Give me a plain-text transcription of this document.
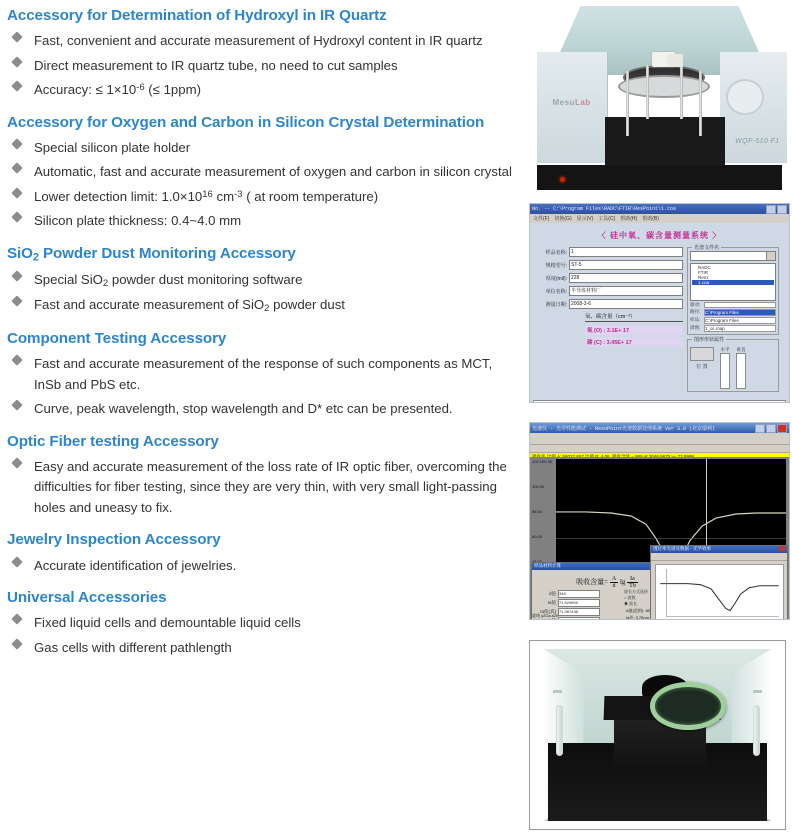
Accessory for Determination of Hydroxyl in IR Quartz
Fast, convenient and accurate measurement of Hydroxyl content in IR quartz
Direct measurement to IR quartz tube, no need to cut samples
Accuracy: ≤ $1\times 10^{-6}$ (≤ 1ppm)
Accessory for Oxygen and Carbon in Silicon Crystal Determination
Special silicon plate holder
Automatic, fast and accurate measurement of oxygen and carbon in silicon crystal
Lower detection limit: $1.0\times 10^{16}$ $cm^{-3}$ ( at room temperature)
Silicon plate thickness: 0.4~4.0 mm
SiO$_2$ Powder Dust Monitoring Accessory
Special SiO$_2$ powder dust monitoring software
Fast and accurate measurement of SiO$_2$ powder dust
Component Testing Accessory
Fast and accurate measurement of the response of such components as MCT, InSb and PbS etc.
Curve, peak wavelength, stop wavelength and D* etc can be presented.
Optic Fiber testing Accessory
Easy and accurate measurement of the loss rate of IR optic fiber, overcoming the difficulties for fiber testing, since they are very thin, with very small light-passing holes and uneasy to fix.
Jewelry Inspection Accessory
Accurate identification of jewelries.
Universal Accessories
Fixed liquid cells and demountable liquid cells
Gas cells with different pathlength
MesuLab
WQF-510 F1
No. -- C:\Program Files\RADC\FTIR\ResPoint\1.coa
文件(F) 切换(G) 显示(V) 工具(C) 帮助(H) 帮助(B)
〈 硅中氧、碳含量测量系统 〉
样品名称: 1
规格型号: ST-5
厚度(mil): 228
单位名称: 半导体材料厂
测量日期: 2008-3-6
氧、碳含量（cm⁻³）
氧 (O) : 3.1E+ 17
碳 (C) : 3.45E+ 17
光谱文件名
RADC
FTIR
Res1
1.coa
驱动:
路径:	C:\Program Files
样品:	C:\Program Files
谱图:	1_oc.map
图形形状属性
位 置
水平 垂直
光谱仪 - 光学性能测试 - ResoPoint光谱数据处理系统 Ver 3.0 (北京瑞利)
102.100.00
100.00
98.00
60.00
样品材料计算
吸收含量= $\frac{A}{d}$ $\lg \frac{Ia}{Tb}$
d值 348
Ia值 71.929809
Ia值(真) 71.387438
波长方式选择
○ 波数
◉ 波长
A值(范围): 60
Ia处: 3.75nm
透过率光谱及数据 - 光学效果
就绪 y2Ga.s20
